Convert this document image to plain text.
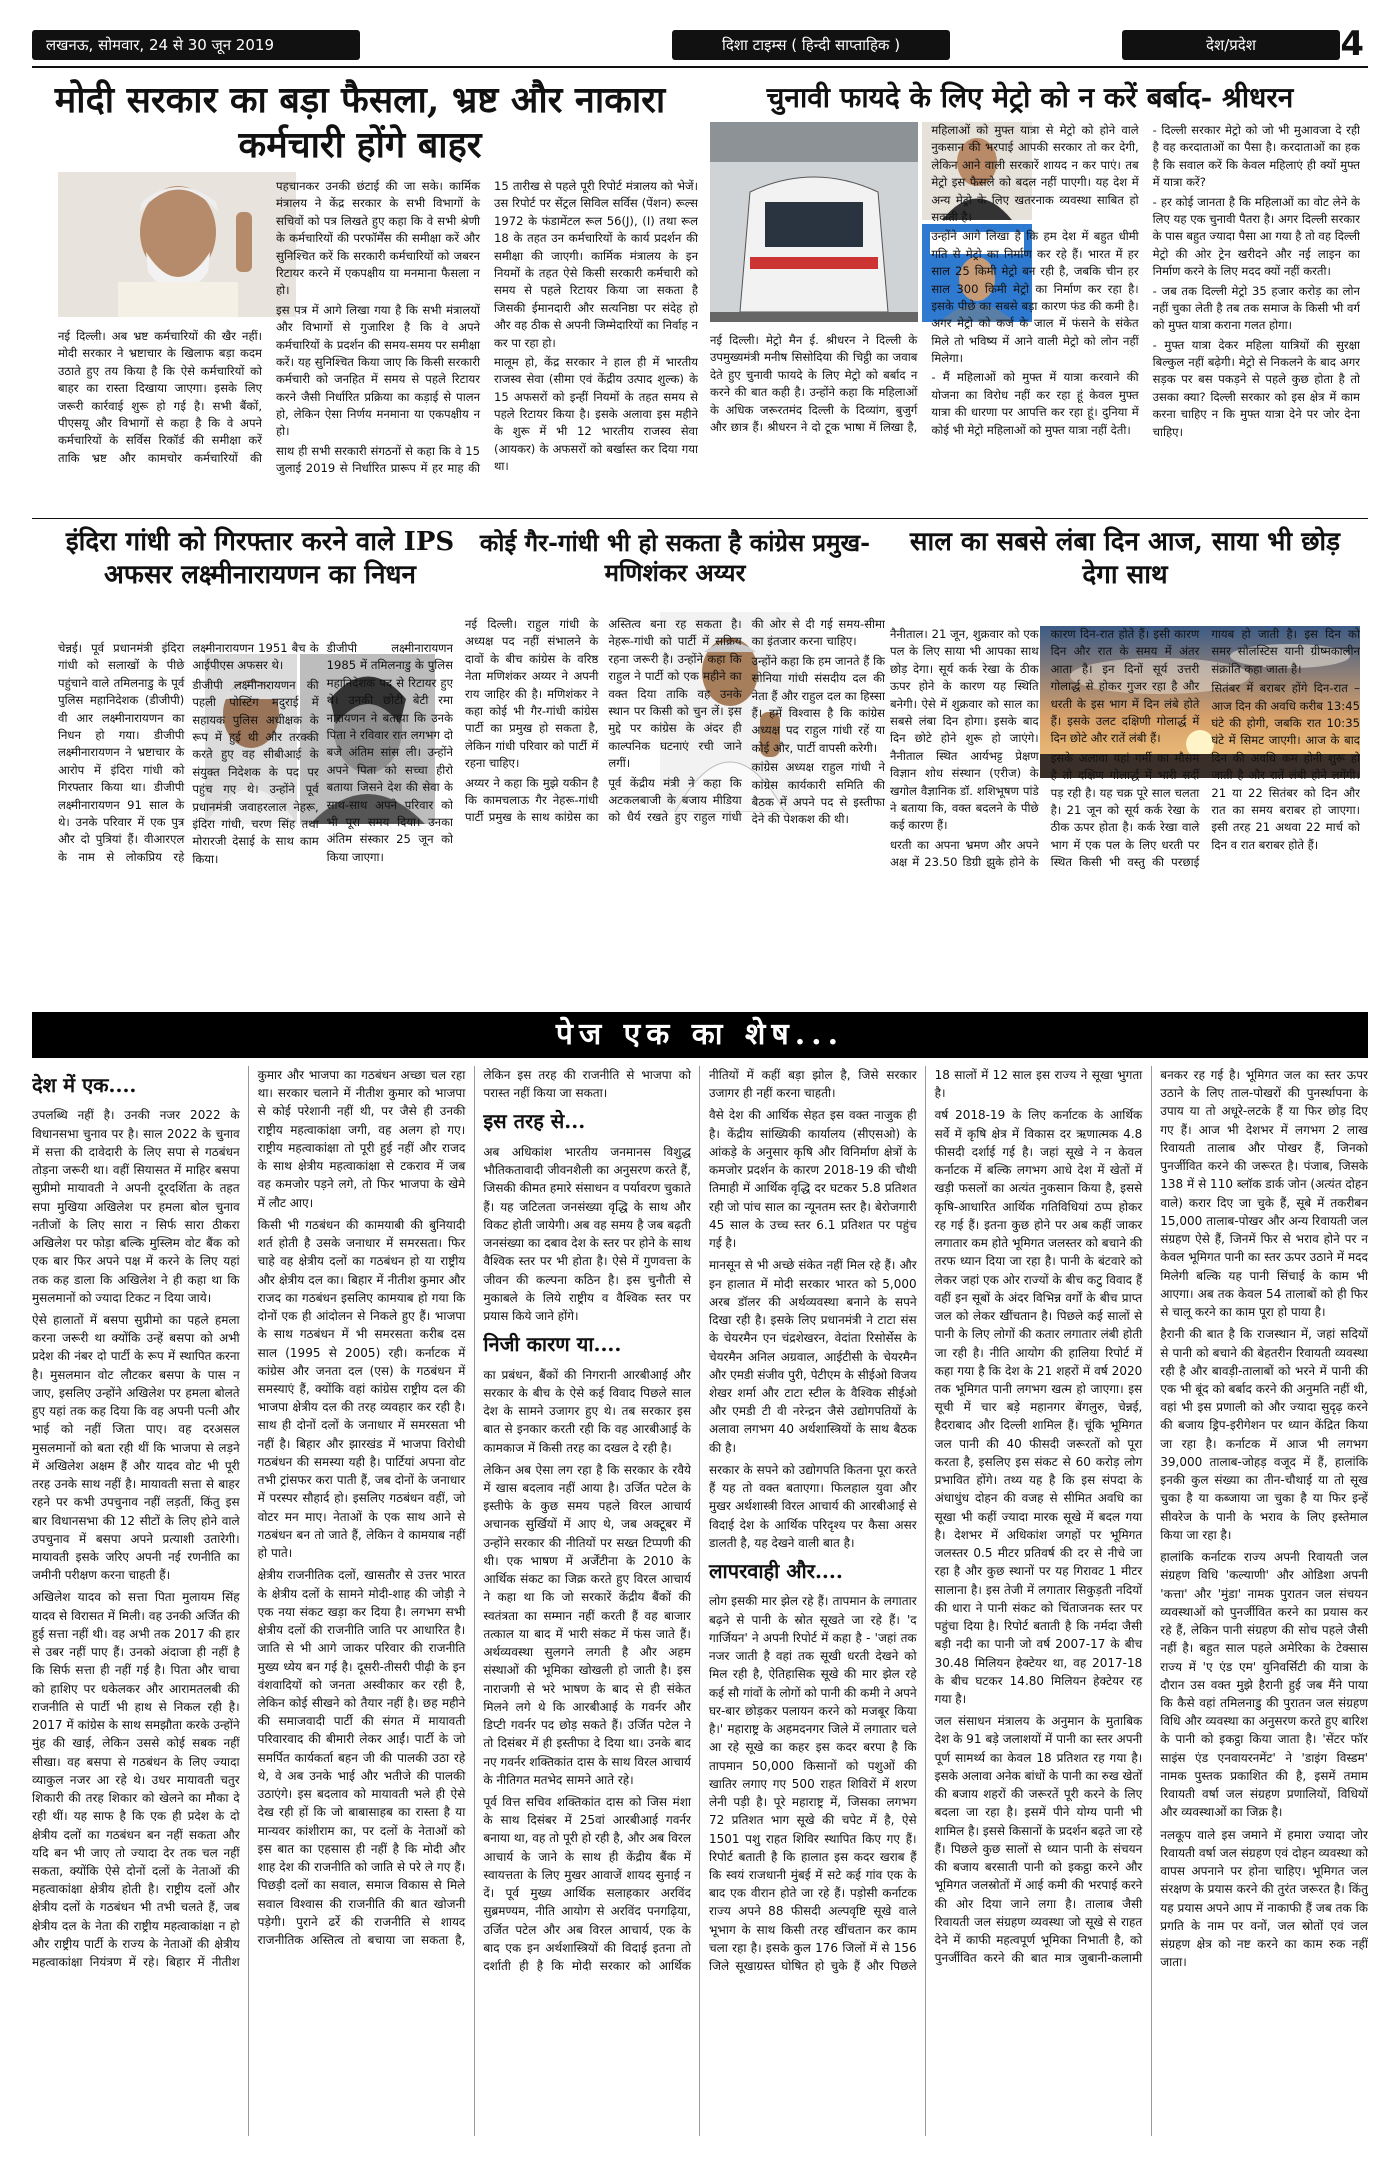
लखनऊ, सोमवार, 24 से 30 जून 2019	दिशा टाइम्स ( हिन्दी साप्ताहिक )	देश/प्रदेश	4
मोदी सरकार का बड़ा फैसला, भ्रष्ट और नाकारा कर्मचारी होंगे बाहर

नई दिल्ली। अब भ्रष्ट कर्मचारियों की खैर नहीं। मोदी सरकार ने भ्रष्टाचार के खिलाफ बड़ा कदम उठाते हुए तय किया है कि ऐसे कर्मचारियों को बाहर का रास्ता दिखाया जाएगा। इसके लिए जरूरी कार्रवाई शुरू हो गई है। सभी बैंकों, पीएसयू और विभागों से कहा है कि वे अपने कर्मचारियों के सर्विस रिकॉर्ड की समीक्षा करें ताकि भ्रष्ट और कामचोर कर्मचारियों की पहचानकर उनकी छंटाई की जा सके। कार्मिक मंत्रालय ने केंद्र सरकार के सभी विभागों के सचिवों को पत्र लिखते हुए कहा कि वे सभी श्रेणी के कर्मचारियों की परफॉर्मेंस की समीक्षा करें और सुनिश्चित करें कि सरकारी कर्मचारियों को जबरन रिटायर करने में एकपक्षीय या मनमाना फैसला न हो।

इस पत्र में आगे लिखा गया है कि सभी मंत्रालयों और विभागों से गुजारिश है कि वे अपने कर्मचारियों के प्रदर्शन की समय-समय पर समीक्षा करें। यह सुनिश्चित किया जाए कि किसी सरकारी कर्मचारी को जनहित में समय से पहले रिटायर करने जैसी निर्धारित प्रक्रिया का कड़ाई से पालन हो, लेकिन ऐसा निर्णय मनमाना या एकपक्षीय न हो।

साथ ही सभी सरकारी संगठनों से कहा कि वे 15 जुलाई 2019 से निर्धारित प्रारूप में हर माह की 15 तारीख से पहले पूरी रिपोर्ट मंत्रालय को भेजें। उस रिपोर्ट पर सेंट्रल सिविल सर्विस (पेंशन) रूल्स 1972 के फंडामेंटल रूल 56(J), (I) तथा रूल 18 के तहत उन कर्मचारियों के कार्य प्रदर्शन की समीक्षा की जाएगी। कार्मिक मंत्रालय के इन नियमों के तहत ऐसे किसी सरकारी कर्मचारी को समय से पहले रिटायर किया जा सकता है जिसकी ईमानदारी और सत्यनिष्ठा पर संदेह हो और वह ठीक से अपनी जिम्मेदारियों का निर्वाह न कर पा रहा हो।

मालूम हो, केंद्र सरकार ने हाल ही में भारतीय राजस्व सेवा (सीमा एवं केंद्रीय उत्पाद शुल्क) के 15 अफसरों को इन्हीं नियमों के तहत समय से पहले रिटायर किया है। इसके अलावा इस महीने के शुरू में भी 12 भारतीय राजस्व सेवा (आयकर) के अफसरों को बर्खास्त कर दिया गया था।

चुनावी फायदे के लिए मेट्रो को न करें बर्बाद- श्रीधरन

नई दिल्ली। मेट्रो मैन ई. श्रीधरन ने दिल्ली के उपमुख्यमंत्री मनीष सिसोदिया की चिट्ठी का जवाब देते हुए चुनावी फायदे के लिए मेट्रो को बर्बाद न करने की बात कही है। उन्होंने कहा कि महिलाओं के अधिक जरूरतमंद दिल्ली के दिव्यांग, बुजुर्ग और छात्र हैं। श्रीधरन ने दो टूक भाषा में लिखा है, महिलाओं को मुफ्त यात्रा से मेट्रो को होने वाले नुकसान की भरपाई आपकी सरकार तो कर देगी, लेकिन आने वाली सरकारें शायद न कर पाएं। तब मेट्रो इस फैसले को बदल नहीं पाएगी। यह देश में अन्य मेट्रो के लिए खतरनाक व्यवस्था साबित हो सकती है।

उन्होंने आगे लिखा है कि हम देश में बहुत धीमी गति से मेट्रो का निर्माण कर रहे हैं। भारत में हर साल 25 किमी मेट्रो बन रही है, जबकि चीन हर साल 300 किमी मेट्रो का निर्माण कर रहा है। इसके पीछे का सबसे बड़ा कारण फंड की कमी है। अगर मेट्रो को कर्ज के जाल में फंसने के संकेत मिले तो भविष्य में आने वाली मेट्रो को लोन नहीं मिलेगा।

- मैं महिलाओं को मुफ्त में यात्रा करवाने की योजना का विरोध नहीं कर रहा हूं केवल मुफ्त यात्रा की धारणा पर आपत्ति कर रहा हूं। दुनिया में कोई भी मेट्रो महिलाओं को मुफ्त यात्रा नहीं देती।

- दिल्ली सरकार मेट्रो को जो भी मुआवजा दे रही है वह करदाताओं का पैसा है। करदाताओं का हक है कि सवाल करें कि केवल महिलाएं ही क्यों मुफ्त में यात्रा करें?

- हर कोई जानता है कि महिलाओं का वोट लेने के लिए यह एक चुनावी पैतरा है। अगर दिल्ली सरकार के पास बहुत ज्यादा पैसा आ गया है तो वह दिल्ली मेट्रो की ओर ट्रेन खरीदने और नई लाइन का निर्माण करने के लिए मदद क्यों नहीं करती।

- जब तक दिल्ली मेट्रो 35 हजार करोड़ का लोन नहीं चुका लेती है तब तक समाज के किसी भी वर्ग को मुफ्त यात्रा कराना गलत होगा।

- मुफ्त यात्रा देकर महिला यात्रियों की सुरक्षा बिल्कुल नहीं बढ़ेगी। मेट्रो से निकलने के बाद अगर सड़क पर बस पकड़ने से पहले कुछ होता है तो उसका क्या? दिल्ली सरकार को इस क्षेत्र में काम करना चाहिए न कि मुफ्त यात्रा देने पर जोर देना चाहिए।

इंदिरा गांधी को गिरफ्तार करने वाले IPS अफसर लक्ष्मीनारायणन का निधन

चेन्नई। पूर्व प्रधानमंत्री इंदिरा गांधी को सलाखों के पीछे पहुंचाने वाले तमिलनाडु के पूर्व पुलिस महानिदेशक (डीजीपी) वी आर लक्ष्मीनारायणन का निधन हो गया। डीजीपी लक्ष्मीनारायणन ने भ्रष्टाचार के आरोप में इंदिरा गांधी को गिरफ्तार किया था। डीजीपी लक्ष्मीनारायणन 91 साल के थे। उनके परिवार में एक पुत्र और दो पुत्रियां हैं। वीआरएल के नाम से लोकप्रिय रहे लक्ष्मीनारायणन 1951 बैच के आईपीएस अफसर थे।

डीजीपी लक्ष्मीनारायणन की पहली पोस्टिंग मदुराई में सहायक पुलिस अधीक्षक के रूप में हुई थी और तरक्की करते हुए वह सीबीआई के संयुक्त निदेशक के पद पर पहुंच गए थे। उन्होंने पूर्व प्रधानमंत्री जवाहरलाल नेहरू, इंदिरा गांधी, चरण सिंह तथा मोरारजी देसाई के साथ काम किया।

डीजीपी लक्ष्मीनारायणन 1985 में तमिलनाडु के पुलिस महानिदेशक पद से रिटायर हुए थे। उनकी छोटी बेटी रमा नारायणन ने बताया कि उनके पिता ने रविवार रात लगभग दो बजे अंतिम सांस ली। उन्होंने अपने पिता को सच्चा हीरो बताया जिसने देश की सेवा के साथ-साथ अपने परिवार को भी पूरा समय दिया। उनका अंतिम संस्कार 25 जून को किया जाएगा।

कोई गैर-गांधी भी हो सकता है कांग्रेस प्रमुख- मणिशंकर अय्यर

नई दिल्ली। राहुल गांधी के अध्यक्ष पद नहीं संभालने के दावों के बीच कांग्रेस के वरिष्ठ नेता मणिशंकर अय्यर ने अपनी राय जाहिर की है। मणिशंकर ने कहा कोई भी गैर-गांधी कांग्रेस पार्टी का प्रमुख हो सकता है, लेकिन गांधी परिवार को पार्टी में रहना चाहिए।

अय्यर ने कहा कि मुझे यकीन है कि कामचलाऊ गैर नेहरू-गांधी पार्टी प्रमुख के साथ कांग्रेस का अस्तित्व बना रह सकता है। नेहरू-गांधी को पार्टी में सक्रिय रहना जरूरी है। उन्होंने कहा कि राहुल ने पार्टी को एक महीने का वक्त दिया ताकि वह उनके स्थान पर किसी को चुन लें। इस मुद्दे पर कांग्रेस के अंदर ही काल्पनिक घटनाएं रची जाने लगीं।

पूर्व केंद्रीय मंत्री ने कहा कि अटकलबाजी के बजाय मीडिया को धैर्य रखते हुए राहुल गांधी की ओर से दी गई समय-सीमा का इंतजार करना चाहिए।

उन्होंने कहा कि हम जानते हैं कि सोनिया गांधी संसदीय दल की नेता हैं और राहुल दल का हिस्सा हैं। हमें विश्वास है कि कांग्रेस अध्यक्ष पद राहुल गांधी रहें या कोई और, पार्टी वापसी करेगी।

कांग्रेस अध्यक्ष राहुल गांधी ने कांग्रेस कार्यकारी समिति की बैठक में अपने पद से इस्तीफा देने की पेशकश की थी।

साल का सबसे लंबा दिन आज, साया भी छोड़ देगा साथ

नैनीताल। 21 जून, शुक्रवार को एक पल के लिए साया भी आपका साथ छोड़ देगा। सूर्य कर्क रेखा के ठीक ऊपर होने के कारण यह स्थिति बनेगी। ऐसे में शुक्रवार को साल का सबसे लंबा दिन होगा। इसके बाद दिन छोटे होने शुरू हो जाएंगे। नैनीताल स्थित आर्यभट्ट प्रेक्षण विज्ञान शोध संस्थान (एरीज) के खगोल वैज्ञानिक डॉ. शशिभूषण पांडे ने बताया कि, वक्त बदलने के पीछे कई कारण हैं।

धरती का अपना भ्रमण और अपने अक्ष में 23.50 डिग्री झुके होने के कारण दिन-रात होते हैं। इसी कारण दिन और रात के समय में अंतर आता है। इन दिनों सूर्य उत्तरी गोलार्द्ध से होकर गुजर रहा है और धरती के इस भाग में दिन लंबे होते हैं। इसके उलट दक्षिणी गोलार्द्ध में दिन छोटे और रातें लंबी हैं।

इसके अलावा यहां गर्मी का मौसम है तो दक्षिण गोलार्द्ध में भारी सर्दी पड़ रही है। यह चक्र पूरे साल चलता है। 21 जून को सूर्य कर्क रेखा के ठीक ऊपर होता है। कर्क रेखा वाले भाग में एक पल के लिए धरती पर स्थित किसी भी वस्तु की परछाई गायब हो जाती है। इस दिन को समर सोलस्टिस यानी ग्रीष्मकालीन संक्रांति कहा जाता है।

सितंबर में बराबर होंगे दिन-रात – आज दिन की अवधि करीब 13:45 घंटे की होगी, जबकि रात 10:35 घंटे में सिमट जाएगी। आज के बाद दिन की अवधि कम होनी शुरू हो जाती है और रातें लंबी होने लगेंगी। 21 या 22 सितंबर को दिन और रात का समय बराबर हो जाएगा। इसी तरह 21 अथवा 22 मार्च को दिन व रात बराबर होते हैं।

पेज एक का शेष...
देश में एक....

उपलब्धि नहीं है। उनकी नजर 2022 के विधानसभा चुनाव पर है। साल 2022 के चुनाव में सत्ता की दावेदारी के लिए सपा से गठबंधन तोड़ना जरूरी था। वहीं सियासत में माहिर बसपा सुप्रीमो मायावती ने अपनी दूरदर्शिता के तहत सपा मुखिया अखिलेश पर हमला बोल चुनाव नतीजों के लिए सारा न सिर्फ सारा ठीकरा अखिलेश पर फोड़ा बल्कि मुस्लिम वोट बैंक को एक बार फिर अपने पक्ष में करने के लिए यहां तक कह डाला कि अखिलेश ने ही कहा था कि मुसलमानों को ज्यादा टिकट न दिया जाये।

ऐसे हालातों में बसपा सुप्रीमो का पहले हमला करना जरूरी था क्योंकि उन्हें बसपा को अभी प्रदेश की नंबर दो पार्टी के रूप में स्थापित करना है। मुसलमान वोट लौटकर बसपा के पास न जाए, इसलिए उन्होंने अखिलेश पर हमला बोलते हुए यहां तक कह दिया कि वह अपनी पत्नी और भाई को नहीं जिता पाए। वह दरअसल मुसलमानों को बता रही थीं कि भाजपा से लड़ने में अखिलेश अक्षम हैं और यादव वोट भी पूरी तरह उनके साथ नहीं है। मायावती सत्ता से बाहर रहने पर कभी उपचुनाव नहीं लड़तीं, किंतु इस बार विधानसभा की 12 सीटों के लिए होने वाले उपचुनाव में बसपा अपने प्रत्याशी उतारेगी। मायावती इसके जरिए अपनी नई रणनीति का जमीनी परीक्षण करना चाहती हैं।

अखिलेश यादव को सत्ता पिता मुलायम सिंह यादव से विरासत में मिली। वह उनकी अर्जित की हुई सत्ता नहीं थी। वह अभी तक 2017 की हार से उबर नहीं पाए हैं। उनको अंदाजा ही नहीं है कि सिर्फ सत्ता ही नहीं गई है। पिता और चाचा को हाशिए पर धकेलकर और आरामतलबी की राजनीति से पार्टी भी हाथ से निकल रही है। 2017 में कांग्रेस के साथ समझौता करके उन्होंने मुंह की खाई, लेकिन उससे कोई सबक नहीं सीखा। वह बसपा से गठबंधन के लिए ज्यादा व्याकुल नजर आ रहे थे। उधर मायावती चतुर शिकारी की तरह शिकार को खेलने का मौका दे रही थीं। यह साफ है कि एक ही प्रदेश के दो क्षेत्रीय दलों का गठबंधन बन नहीं सकता और यदि बन भी जाए तो ज्यादा देर तक चल नहीं सकता, क्योंकि ऐसे दोनों दलों के नेताओं की महत्वाकांक्षा क्षेत्रीय होती है। राष्ट्रीय दलों और क्षेत्रीय दलों के गठबंधन भी तभी चलते हैं, जब क्षेत्रीय दल के नेता की राष्ट्रीय महत्वाकांक्षा न हो और राष्ट्रीय पार्टी के राज्य के नेताओं की क्षेत्रीय महत्वाकांक्षा नियंत्रण में रहे। बिहार में नीतीश कुमार और भाजपा का गठबंधन अच्छा चल रहा था। सरकार चलाने में नीतीश कुमार को भाजपा से कोई परेशानी नहीं थी, पर जैसे ही उनकी राष्ट्रीय महत्वाकांक्षा जगी, वह अलग हो गए। राष्ट्रीय महत्वाकांक्षा तो पूरी हुई नहीं और राजद के साथ क्षेत्रीय महत्वाकांक्षा से टकराव में जब वह कमजोर पड़ने लगे, तो फिर भाजपा के खेमे में लौट आए।

किसी भी गठबंधन की कामयाबी की बुनियादी शर्त होती है उसके जनाधार में समरसता। फिर चाहे वह क्षेत्रीय दलों का गठबंधन हो या राष्ट्रीय और क्षेत्रीय दल का। बिहार में नीतीश कुमार और राजद का गठबंधन इसलिए कामयाब हो गया कि दोनों एक ही आंदोलन से निकले हुए हैं। भाजपा के साथ गठबंधन में भी समरसता करीब दस साल (1995 से 2005) रही। कर्नाटक में कांग्रेस और जनता दल (एस) के गठबंधन में समस्याएं हैं, क्योंकि वहां कांग्रेस राष्ट्रीय दल की भाजपा क्षेत्रीय दल की तरह व्यवहार कर रही है। साथ ही दोनों दलों के जनाधार में समरसता भी नहीं है। बिहार और झारखंड में भाजपा विरोधी गठबंधन की समस्या यही है। पार्टियां अपना वोट तभी ट्रांसफर करा पाती हैं, जब दोनों के जनाधार में परस्पर सौहार्द हो। इसलिए गठबंधन वहीं, जो वोटर मन माए। नेताओं के एक साथ आने से गठबंधन बन तो जाते हैं, लेकिन वे कामयाब नहीं हो पाते।

क्षेत्रीय राजनीतिक दलों, खासतौर से उत्तर भारत के क्षेत्रीय दलों के सामने मोदी-शाह की जोड़ी ने एक नया संकट खड़ा कर दिया है। लगभग सभी क्षेत्रीय दलों की राजनीति जाति पर आधारित है। जाति से भी आगे जाकर परिवार की राजनीति मुख्य ध्येय बन गई है। दूसरी-तीसरी पीढ़ी के इन वंशवादियों को जनता अस्वीकार कर रही है, लेकिन कोई सीखने को तैयार नहीं है। छह महीने की समाजवादी पार्टी की संगत में मायावती परिवारवाद की बीमारी लेकर आईं। पार्टी के जो समर्पित कार्यकर्ता बहन जी की पालकी उठा रहे थे, वे अब उनके भाई और भतीजे की पालकी उठाएंगे। इस बदलाव को मायावती भले ही ऐसे देख रही हों कि जो बाबासाहब का रास्ता है या मान्यवर कांशीराम का, पर दलों के नेताओं को इस बात का एहसास ही नहीं है कि मोदी और शाह देश की राजनीति को जाति से परे ले गए हैं। पिछड़ी दलों का सवाल, समाज विकास से मिले सवाल विश्वास की राजनीति की बात खोजनी पड़ेगी। पुराने ढर्रे की राजनीति से शायद राजनीतिक अस्तित्व तो बचाया जा सकता है, लेकिन इस तरह की राजनीति से भाजपा को परास्त नहीं किया जा सकता।

इस तरह से...

अब अधिकांश भारतीय जनमानस विशुद्ध भौतिकतावादी जीवनशैली का अनुसरण करते हैं, जिसकी कीमत हमारे संसाधन व पर्यावरण चुकाते हैं। यह जटिलता जनसंख्या वृद्धि के साथ और विकट होती जायेगी। अब वह समय है जब बढ़ती जनसंख्या का दबाव देश के स्तर पर होने के साथ वैश्विक स्तर पर भी होता है। ऐसे में गुणवत्ता के जीवन की कल्पना कठिन है। इस चुनौती से मुकाबले के लिये राष्ट्रीय व वैश्विक स्तर पर प्रयास किये जाने होंगे।

निजी कारण या....

का प्रबंधन, बैंकों की निगरानी आरबीआई और सरकार के बीच के ऐसे कई विवाद पिछले साल देश के सामने उजागर हुए थे। तब सरकार इस बात से इनकार करती रही कि वह आरबीआई के कामकाज में किसी तरह का दखल दे रही है।

लेकिन अब ऐसा लग रहा है कि सरकार के रवैये में खास बदलाव नहीं आया है। उर्जित पटेल के इस्तीफे के कुछ समय पहले विरल आचार्य अचानक सुर्खियों में आए थे, जब अक्टूबर में उन्होंने सरकार की नीतियों पर सख्त टिप्पणी की थी। एक भाषण में अर्जेंटीना के 2010 के आर्थिक संकट का जिक्र करते हुए विरल आचार्य ने कहा था कि जो सरकारें केंद्रीय बैंकों की स्वतंत्रता का सम्मान नहीं करती हैं वह बाजार तत्काल या बाद में भारी संकट में फंस जाते हैं। अर्थव्यवस्था सुलगने लगती है और अहम संस्थाओं की भूमिका खोखली हो जाती है। इस नाराजगी से भरे भाषण के बाद से ही संकेत मिलने लगे थे कि आरबीआई के गवर्नर और डिप्टी गवर्नर पद छोड़ सकते हैं। उर्जित पटेल ने तो दिसंबर में ही इस्तीफा दे दिया था। उनके बाद नए गवर्नर शक्तिकांत दास के साथ विरल आचार्य के नीतिगत मतभेद सामने आते रहे।

पूर्व वित्त सचिव शक्तिकांत दास को जिस मंशा के साथ दिसंबर में 25वां आरबीआई गवर्नर बनाया था, वह तो पूरी हो रही है, और अब विरल आचार्य के जाने के साथ ही केंद्रीय बैंक में स्वायत्तता के लिए मुखर आवाजें शायद सुनाई न दें। पूर्व मुख्य आर्थिक सलाहकार अरविंद सुब्रमण्यम, नीति आयोग से अरविंद पनगढ़िया, उर्जित पटेल और अब विरल आचार्य, एक के बाद एक इन अर्थशास्त्रियों की विदाई इतना तो दर्शाती ही है कि मोदी सरकार को आर्थिक नीतियों में कहीं बड़ा झोल है, जिसे सरकार उजागर ही नहीं करना चाहती।

वैसे देश की आर्थिक सेहत इस वक्त नाजुक ही है। केंद्रीय सांख्यिकी कार्यालय (सीएसओ) के आंकड़े के अनुसार कृषि और विनिर्माण क्षेत्रों के कमजोर प्रदर्शन के कारण 2018-19 की चौथी तिमाही में आर्थिक वृद्धि दर घटकर 5.8 प्रतिशत रही जो पांच साल का न्यूनतम स्तर है। बेरोजगारी 45 साल के उच्च स्तर 6.1 प्रतिशत पर पहुंच गई है।

मानसून से भी अच्छे संकेत नहीं मिल रहे हैं। और इन हालात में मोदी सरकार भारत को 5,000 अरब डॉलर की अर्थव्यवस्था बनाने के सपने दिखा रही है। इसके लिए प्रधानमंत्री ने टाटा संस के चेयरमैन एन चंद्रशेखरन, वेदांता रिसोर्सेस के चेयरमैन अनिल अग्रवाल, आईटीसी के चेयरमैन और एमडी संजीव पुरी, पेटीएम के सीईओ विजय शेखर शर्मा और टाटा स्टील के वैश्विक सीईओ और एमडी टी वी नरेन्द्रन जैसे उद्योगपतियों के अलावा लगभग 40 अर्थशास्त्रियों के साथ बैठक की है।

सरकार के सपने को उद्योगपति कितना पूरा करते हैं यह तो वक्त बताएगा। फिलहाल युवा और मुखर अर्थशास्त्री विरल आचार्य की आरबीआई से विदाई देश के आर्थिक परिदृश्य पर कैसा असर डालती है, यह देखने वाली बात है।

लापरवाही और....

लोग इसकी मार झेल रहे हैं। तापमान के लगातार बढ़ने से पानी के स्रोत सूखते जा रहे हैं। 'द गार्जियन' ने अपनी रिपोर्ट में कहा है - 'जहां तक नजर जाती है वहां तक सूखी धरती देखने को मिल रही है, ऐतिहासिक सूखे की मार झेल रहे कई सौ गांवों के लोगों को पानी की कमी ने अपने घर-बार छोड़कर पलायन करने को मजबूर किया है।' महाराष्ट्र के अहमदनगर जिले में लगातार चले आ रहे सूखे का कहर इस कदर बरपा है कि तापमान 50,000 किसानों को पशुओं की खातिर लगाए गए 500 राहत शिविरों में शरण लेनी पड़ी है। पूरे महाराष्ट्र में, जिसका लगभग 72 प्रतिशत भाग सूखे की चपेट में है, ऐसे 1501 पशु राहत शिविर स्थापित किए गए हैं। रिपोर्ट बताती है कि हालात इस कदर खराब हैं कि स्वयं राजधानी मुंबई में सटे कई गांव एक के बाद एक वीरान होते जा रहे हैं। पड़ोसी कर्नाटक राज्य अपने 88 फीसदी अल्पवृष्टि सूखे वाले भूभाग के साथ किसी तरह खींचतान कर काम चला रहा है। इसके कुल 176 जिलों में से 156 जिले सूखाग्रस्त घोषित हो चुके हैं और पिछले 18 सालों में 12 साल इस राज्य ने सूखा भुगता है।

वर्ष 2018-19 के लिए कर्नाटक के आर्थिक सर्वे में कृषि क्षेत्र में विकास दर ऋणात्मक 4.8 फीसदी दर्शाई गई है। जहां सूखे ने न केवल कर्नाटक में बल्कि लगभग आधे देश में खेतों में खड़ी फसलों का अत्यंत नुकसान किया है, इससे कृषि-आधारित आर्थिक गतिविधियां ठप्प होकर रह गई हैं। इतना कुछ होने पर अब कहीं जाकर लगातार कम होते भूमिगत जलस्तर को बचाने की तरफ ध्यान दिया जा रहा है। पानी के बंटवारे को लेकर जहां एक ओर राज्यों के बीच कटु विवाद हैं वहीं इन सूबों के अंदर विभिन्न वर्गों के बीच प्राप्त जल को लेकर खींचतान है। पिछले कई सालों से पानी के लिए लोगों की कतार लगातार लंबी होती जा रही है। नीति आयोग की हालिया रिपोर्ट में कहा गया है कि देश के 21 शहरों में वर्ष 2020 तक भूमिगत पानी लगभग खत्म हो जाएगा। इस सूची में चार बड़े महानगर बेंगलुरु, चेन्नई, हैदराबाद और दिल्ली शामिल हैं। चूंकि भूमिगत जल पानी की 40 फीसदी जरूरतों को पूरा करता है, इसलिए इस संकट से 60 करोड़ लोग प्रभावित होंगे। तथ्य यह है कि इस संपदा के अंधाधुंध दोहन की वजह से सीमित अवधि का सूखा भी कहीं ज्यादा मारक सूखे में बदल गया है। देशभर में अधिकांश जगहों पर भूमिगत जलस्तर 0.5 मीटर प्रतिवर्ष की दर से नीचे जा रहा है और कुछ स्थानों पर यह गिरावट 1 मीटर सालाना है। इस तेजी में लगातार सिकुड़ती नदियों की धारा ने पानी संकट को चिंताजनक स्तर पर पहुंचा दिया है। रिपोर्ट बताती है कि नर्मदा जैसी बड़ी नदी का पानी जो वर्ष 2007-17 के बीच 30.48 मिलियन हेक्टेयर था, वह 2017-18 के बीच घटकर 14.80 मिलियन हेक्टेयर रह गया है।

जल संसाधन मंत्रालय के अनुमान के मुताबिक देश के 91 बड़े जलाशयों में पानी का स्तर अपनी पूर्ण सामर्थ्य का केवल 18 प्रतिशत रह गया है। इसके अलावा अनेक बांधों के पानी का रुख खेतों की बजाय शहरों की जरूरतें पूरी करने के लिए बदला जा रहा है। इसमें पीने योग्य पानी भी शामिल है। इससे किसानों के प्रदर्शन बढ़ते जा रहे हैं। पिछले कुछ सालों से ध्यान पानी के संचयन की बजाय बरसाती पानी को इकट्ठा करने और भूमिगत जलस्रोतों में आई कमी की भरपाई करने की ओर दिया जाने लगा है। तालाब जैसी रिवायती जल संग्रहण व्यवस्था जो सूखे से राहत देने में काफी महत्वपूर्ण भूमिका निभाती है, को पुनर्जीवित करने की बात मात्र जुबानी-कलामी बनकर रह गई है। भूमिगत जल का स्तर ऊपर उठाने के लिए ताल-पोखरों की पुनर्स्थापना के उपाय या तो अधूरे-लटके हैं या फिर छोड़ दिए गए हैं। आज भी देशभर में लगभग 2 लाख रिवायती तालाब और पोखर हैं, जिनको पुनर्जीवित करने की जरूरत है। पंजाब, जिसके 138 में से 110 ब्लॉक डार्क जोन (अत्यंत दोहन वाले) करार दिए जा चुके हैं, सूबे में तकरीबन 15,000 तालाब-पोखर और अन्य रिवायती जल संग्रहण ऐसे हैं, जिनमें फिर से भराव होने पर न केवल भूमिगत पानी का स्तर ऊपर उठाने में मदद मिलेगी बल्कि यह पानी सिंचाई के काम भी आएगा। अब तक केवल 54 तालाबों को ही फिर से चालू करने का काम पूरा हो पाया है।

हैरानी की बात है कि राजस्थान में, जहां सदियों से पानी को बचाने की बेहतरीन रिवायती व्यवस्था रही है और बावड़ी-तालाबों को भरने में पानी की एक भी बूंद को बर्बाद करने की अनुमति नहीं थी, वहां भी इस प्रणाली को और ज्यादा सुदृढ़ करने की बजाय ड्रिप-इरीगेशन पर ध्यान केंद्रित किया जा रहा है। कर्नाटक में आज भी लगभग 39,000 तालाब-जोहड़ वजूद में हैं, हालांकि इनकी कुल संख्या का तीन-चौथाई या तो सूख चुका है या कब्जाया जा चुका है या फिर इन्हें सीवरेज के पानी के भराव के लिए इस्तेमाल किया जा रहा है।

हालांकि कर्नाटक राज्य अपनी रिवायती जल संग्रहण विधि 'कल्याणी' और ओडिशा अपनी 'कत्ता' और 'मुंडा' नामक पुरातन जल संचयन व्यवस्थाओं को पुनर्जीवित करने का प्रयास कर रहे हैं, लेकिन पानी संग्रहण की सोच पहले जैसी नहीं है। बहुत साल पहले अमेरिका के टेक्सास राज्य में 'ए एंड एम' युनिवर्सिटी की यात्रा के दौरान उस वक्त मुझे हैरानी हुई जब मैंने पाया कि कैसे वहां तमिलनाडु की पुरातन जल संग्रहण विधि और व्यवस्था का अनुसरण करते हुए बारिश के पानी को इकट्ठा किया जाता है। 'सेंटर फॉर साइंस एंड एनवायरनमेंट' ने 'डाइंग विस्डम' नामक पुस्तक प्रकाशित की है, इसमें तमाम रिवायती वर्षा जल संग्रहण प्रणालियों, विधियों और व्यवस्थाओं का जिक्र है।

नलकूप वाले इस जमाने में हमारा ज्यादा जोर रिवायती वर्षा जल संग्रहण एवं दोहन व्यवस्था को वापस अपनाने पर होना चाहिए। भूमिगत जल संरक्षण के प्रयास करने की तुरंत जरूरत है। किंतु यह प्रयास अपने आप में नाकाफी हैं जब तक कि प्रगति के नाम पर वनों, जल स्रोतों एवं जल संग्रहण क्षेत्र को नष्ट करने का काम रुक नहीं जाता।
